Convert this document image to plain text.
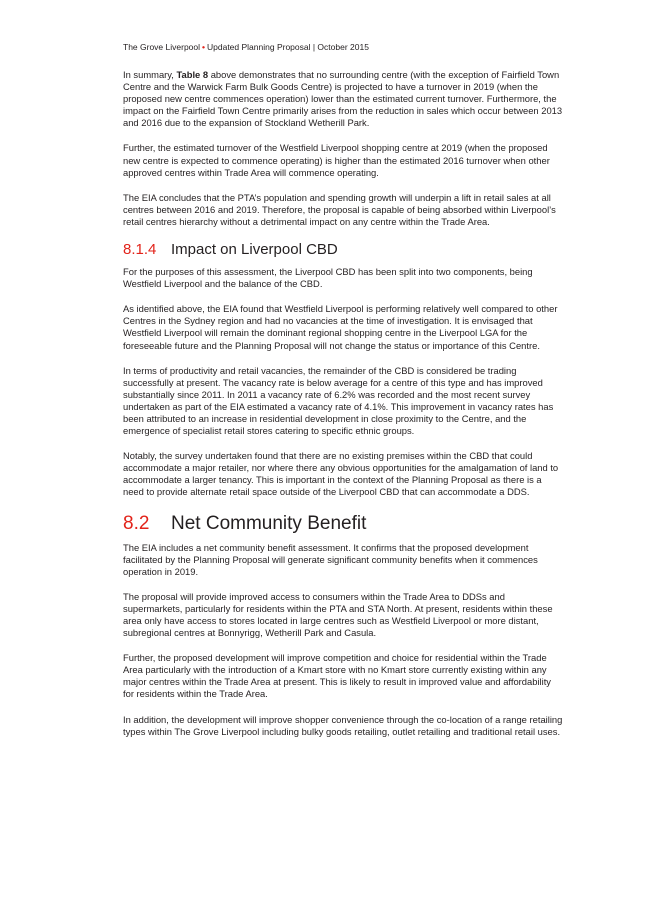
The Grove Liverpool • Updated Planning Proposal | October 2015

In summary, Table 8 above demonstrates that no surrounding centre (with the exception of Fairfield Town Centre and the Warwick Farm Bulk Goods Centre) is projected to have a turnover in 2019 (when the proposed new centre commences operation) lower than the estimated current turnover. Furthermore, the impact on the Fairfield Town Centre primarily arises from the reduction in sales which occur between 2013 and 2016 due to the expansion of Stockland Wetherill Park.

Further, the estimated turnover of the Westfield Liverpool shopping centre at 2019 (when the proposed new centre is expected to commence operating) is higher than the estimated 2016 turnover when other approved centres within Trade Area will commence operating.

The EIA concludes that the PTA’s population and spending growth will underpin a lift in retail sales at all centres between 2016 and 2019. Therefore, the proposal is capable of being absorbed within Liverpool’s retail centres hierarchy without a detrimental impact on any centre within the Trade Area.

8.1.4 Impact on Liverpool CBD

For the purposes of this assessment, the Liverpool CBD has been split into two components, being Westfield Liverpool and the balance of the CBD.

As identified above, the EIA found that Westfield Liverpool is performing relatively well compared to other Centres in the Sydney region and had no vacancies at the time of investigation. It is envisaged that Westfield Liverpool will remain the dominant regional shopping centre in the Liverpool LGA for the foreseeable future and the Planning Proposal will not change the status or importance of this Centre.

In terms of productivity and retail vacancies, the remainder of the CBD is considered be trading successfully at present. The vacancy rate is below average for a centre of this type and has improved substantially since 2011. In 2011 a vacancy rate of 6.2% was recorded and the most recent survey undertaken as part of the EIA estimated a vacancy rate of 4.1%. This improvement in vacancy rates has been attributed to an increase in residential development in close proximity to the Centre, and the emergence of specialist retail stores catering to specific ethnic groups.

Notably, the survey undertaken found that there are no existing premises within the CBD that could accommodate a major retailer, nor where there any obvious opportunities for the amalgamation of land to accommodate a larger tenancy. This is important in the context of the Planning Proposal as there is a need to provide alternate retail space outside of the Liverpool CBD that can accommodate a DDS.

8.2 Net Community Benefit

The EIA includes a net community benefit assessment. It confirms that the proposed development facilitated by the Planning Proposal will generate significant community benefits when it commences operation in 2019.

The proposal will provide improved access to consumers within the Trade Area to DDSs and supermarkets, particularly for residents within the PTA and STA North. At present, residents within these area only have access to stores located in large centres such as Westfield Liverpool or more distant, subregional centres at Bonnyrigg, Wetherill Park and Casula.

Further, the proposed development will improve competition and choice for residential within the Trade Area particularly with the introduction of a Kmart store with no Kmart store currently existing within any major centres within the Trade Area at present. This is likely to result in improved value and affordability for residents within the Trade Area.

In addition, the development will improve shopper convenience through the co-location of a range retailing types within The Grove Liverpool including bulky goods retailing, outlet retailing and traditional retail uses.
